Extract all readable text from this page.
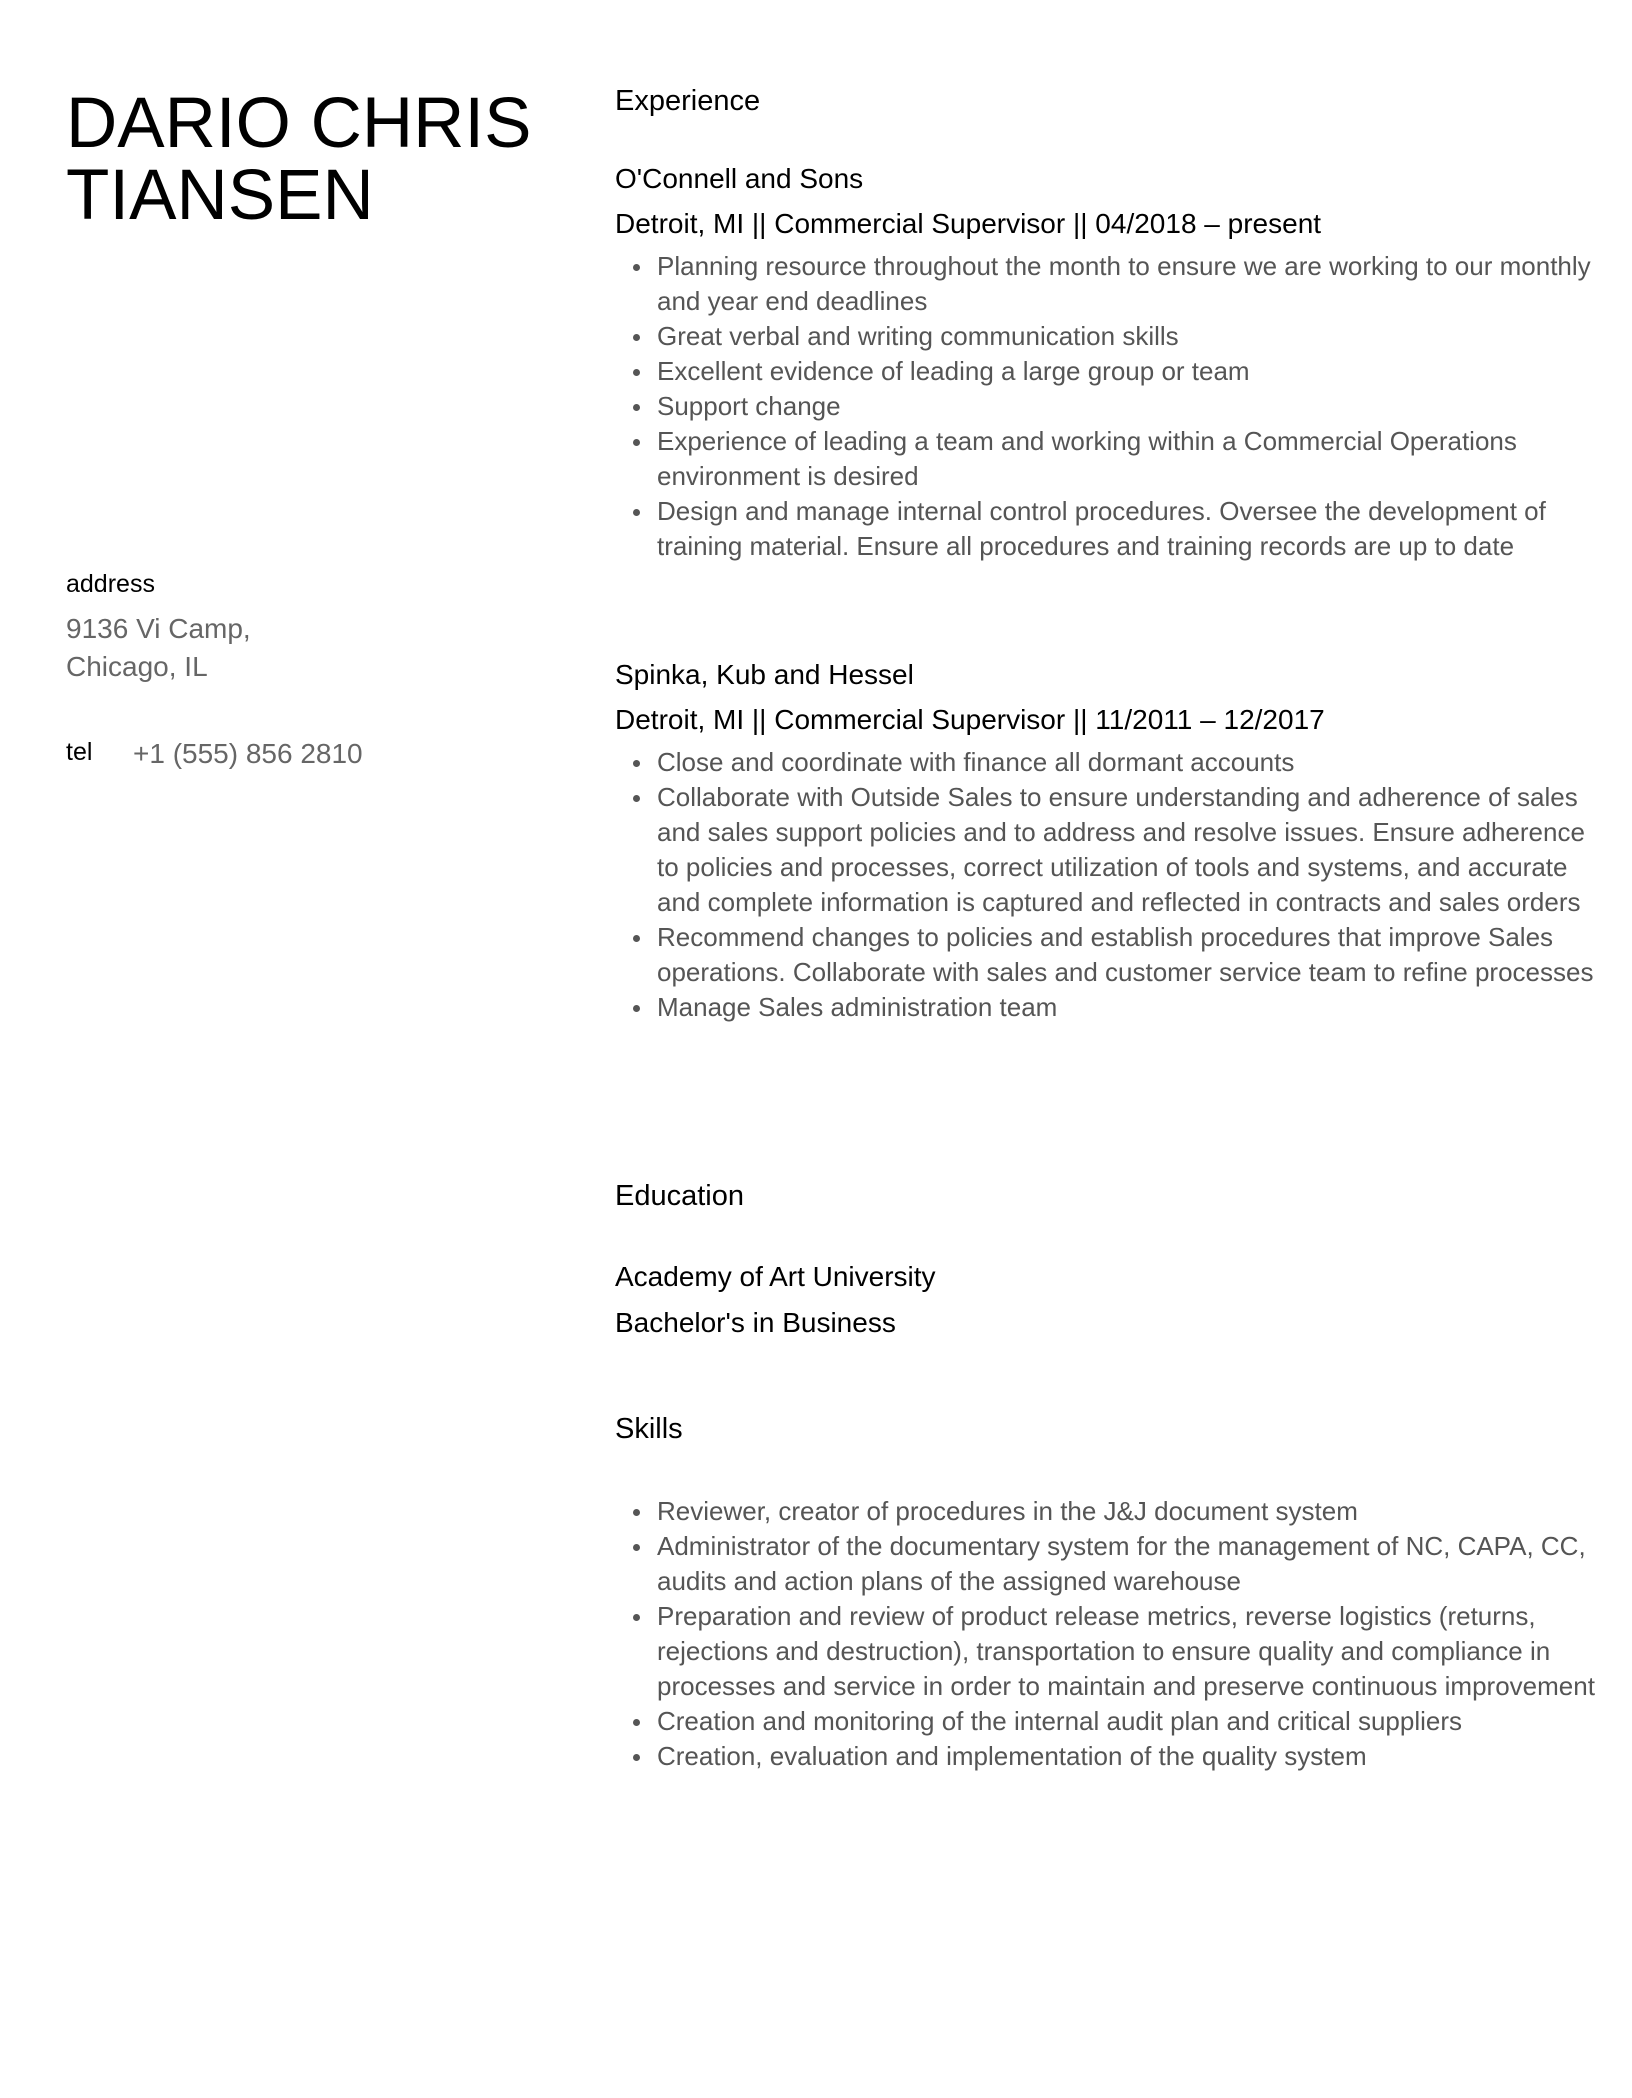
DARIO CHRISTIANSEN
address
9136 Vi Camp,
Chicago, IL
tel +1 (555) 856 2810
Experience
O'Connell and Sons
Detroit, MI || Commercial Supervisor || 04/2018 – present
Planning resource throughout the month to ensure we are working to our monthly and year end deadlines
Great verbal and writing communication skills
Excellent evidence of leading a large group or team
Support change
Experience of leading a team and working within a Commercial Operations environment is desired
Design and manage internal control procedures. Oversee the development of training material. Ensure all procedures and training records are up to date
Spinka, Kub and Hessel
Detroit, MI || Commercial Supervisor || 11/2011 – 12/2017
Close and coordinate with finance all dormant accounts
Collaborate with Outside Sales to ensure understanding and adherence of sales and sales support policies and to address and resolve issues. Ensure adherence to policies and processes, correct utilization of tools and systems, and accurate and complete information is captured and reflected in contracts and sales orders
Recommend changes to policies and establish procedures that improve Sales operations. Collaborate with sales and customer service team to refine processes
Manage Sales administration team
Education
Academy of Art University
Bachelor's in Business
Skills
Reviewer, creator of procedures in the J&J document system
Administrator of the documentary system for the management of NC, CAPA, CC, audits and action plans of the assigned warehouse
Preparation and review of product release metrics, reverse logistics (returns, rejections and destruction), transportation to ensure quality and compliance in processes and service in order to maintain and preserve continuous improvement
Creation and monitoring of the internal audit plan and critical suppliers
Creation, evaluation and implementation of the quality system
